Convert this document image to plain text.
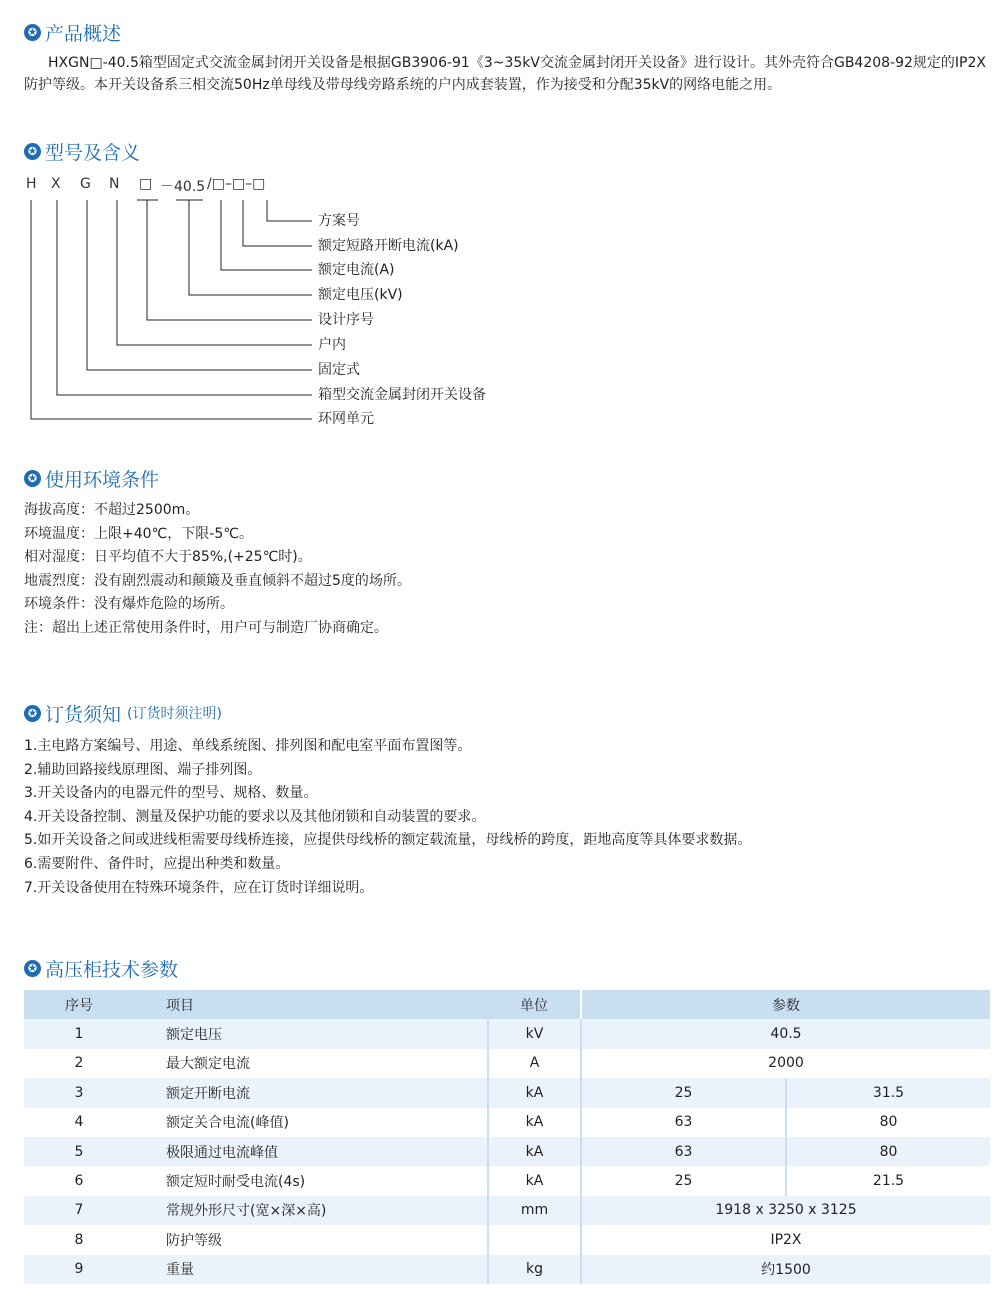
✪ 产品概述
HXGN□-40.5箱型固定式交流金属封闭开关设备是根据GB3906-91《3~35kV交流金属封闭开关设备》进行设计。其外壳符合GB4208-92规定的IP2X防护等级。本开关设备系三相交流50Hz单母线及带母线旁路系统的户内成套装置，作为接受和分配35kV的网络电能之用。
✪ 型号及含义
H X G N □ －40.5 /□–□–□
方案号
额定短路开断电流(kA)
额定电流(A)
额定电压(kV)
设计序号
户内
固定式
箱型交流金属封闭开关设备
环网单元
✪ 使用环境条件
海拔高度：不超过2500m。
环境温度：上限+40℃，下限-5℃。
相对湿度：日平均值不大于85%,(+25℃时)。
地震烈度：没有剧烈震动和颠簸及垂直倾斜不超过5度的场所。
环境条件：没有爆炸危险的场所。
注：超出上述正常使用条件时，用户可与制造厂协商确定。
✪ 订货须知 (订货时须注明)
1.主电路方案编号、用途、单线系统图、排列图和配电室平面布置图等。
2.辅助回路接线原理图、端子排列图。
3.开关设备内的电器元件的型号、规格、数量。
4.开关设备控制、测量及保护功能的要求以及其他闭锁和自动装置的要求。
5.如开关设备之间或进线柜需要母线桥连接，应提供母线桥的额定载流量，母线桥的跨度，距地高度等具体要求数据。
6.需要附件、备件时，应提出种类和数量。
7.开关设备使用在特殊环境条件，应在订货时详细说明。
✪ 高压柜技术参数
序号	项目	单位	参数	
1	额定电压	kV	40.5	
2	最大额定电流	A	2000	
3	额定开断电流	kA	25	31.5
4	额定关合电流(峰值)	kA	63	80
5	极限通过电流峰值	kA	63	80
6	额定短时耐受电流(4s)	kA	25	21.5
7	常规外形尺寸(宽×深×高)	mm	1918 x 3250 x 3125	
8	防护等级		IP2X	
9	重量	kg	约1500	
